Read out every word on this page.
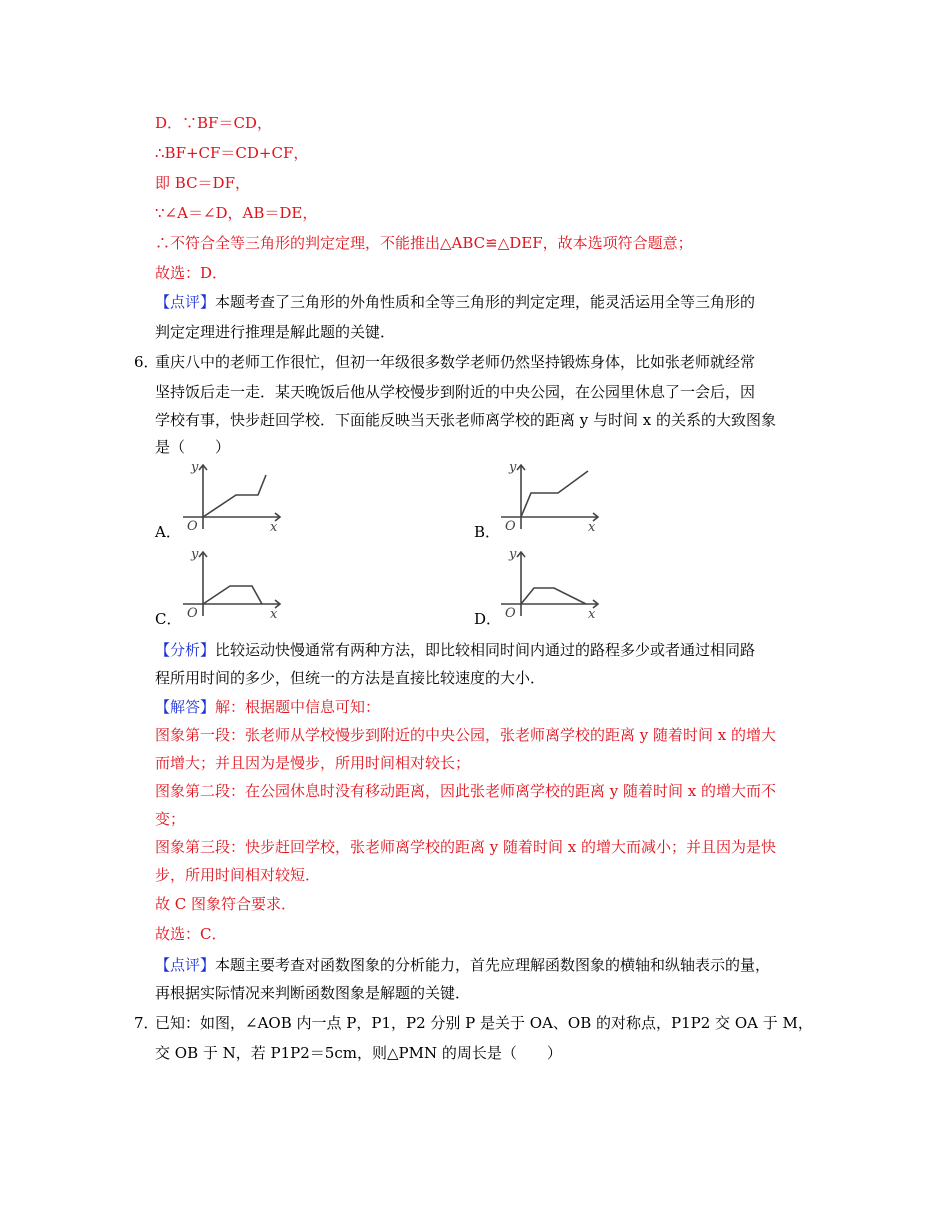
D．∵BF＝CD，
∴BF+CF＝CD+CF，
即 BC＝DF，
∵∠A＝∠D，AB＝DE，
∴不符合全等三角形的判定定理，不能推出△ABC≌△DEF，故本选项符合题意；
故选：D．
【点评】本题考查了三角形的外角性质和全等三角形的判定定理，能灵活运用全等三角形的
判定定理进行推理是解此题的关键．
6．
重庆八中的老师工作很忙，但初一年级很多数学老师仍然坚持锻炼身体，比如张老师就经常
坚持饭后走一走．某天晚饭后他从学校慢步到附近的中央公园，在公园里休息了一会后，因
学校有事，快步赶回学校．下面能反映当天张老师离学校的距离 y 与时间 x 的关系的大致图象
是（　　）
A．
y
x
O	B．
y
x
O
C．
y
x
O	D．
y
x
O
【分析】比较运动快慢通常有两种方法，即比较相同时间内通过的路程多少或者通过相同路
程所用时间的多少，但统一的方法是直接比较速度的大小．
【解答】解：根据题中信息可知：
图象第一段：张老师从学校慢步到附近的中央公园，张老师离学校的距离 y 随着时间 x 的增大
而增大；并且因为是慢步，所用时间相对较长；
图象第二段：在公园休息时没有移动距离，因此张老师离学校的距离 y 随着时间 x 的增大而不
变；
图象第三段：快步赶回学校，张老师离学校的距离 y 随着时间 x 的增大而减小；并且因为是快
步，所用时间相对较短．
故 C 图象符合要求．
故选：C．
【点评】本题主要考查对函数图象的分析能力，首先应理解函数图象的横轴和纵轴表示的量，
再根据实际情况来判断函数图象是解题的关键．
7．
已知：如图，∠AOB 内一点 P，P1，P2 分别 P 是关于 OA、OB 的对称点，P1P2 交 OA 于 M，
交 OB 于 N，若 P1P2＝5cm，则△PMN 的周长是（　　）
